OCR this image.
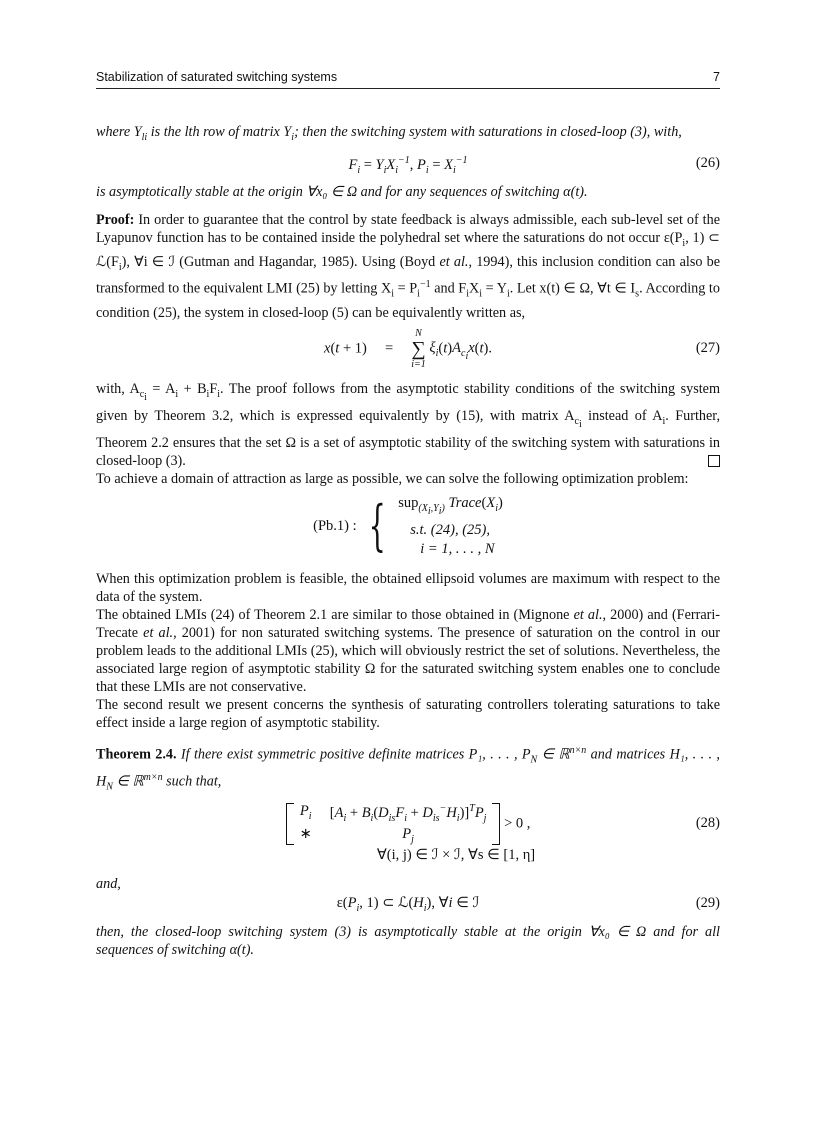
Stabilization of saturated switching systems	7

where $Y_{li}$ is the lth row of matrix $Y_i$; then the switching system with saturations in closed-loop (3), with,

$F_i = Y_iX_i^{-1}$, $P_i = X_i^{-1}$	(26)

is asymptotically stable at the origin ∀x₀ ∈ Ω and for any sequences of switching α(t).

Proof: In order to guarantee that the control by state feedback is always admissible, each sub-level set of the Lyapunov function has to be contained inside the polyhedral set where the saturations do not occur $\varepsilon(P_i$, 1) ⊂ $ℒ(F_i)$, ∀i ∈ ℐ (Gutman and Hagandar, 1985). Using (Boyd et al., 1994), this inclusion condition can also be transformed to the equivalent LMI (25) by letting $X_i = P_i^{-1}$ and $F_iX_i = Y_i$. Let x(t) ∈ Ω, ∀t ∈ $I_s$. According to condition (25), the system in closed-loop (5) can be equivalently written as,

x(t + 1)     =
N
∑
i=1
$\xi_i(t)A_{c_i}x(t)$.	(27)

with, $A_{c_i} = A_i + B_iF_i$. The proof follows from the asymptotic stability conditions of the switching system given by Theorem 3.2, which is expressed equivalently by (15), with matrix $A_{c_i}$ instead of $A_i$. Further, Theorem 2.2 ensures that the set Ω is a set of asymptotic stability of the switching system with saturations in closed-loop (3).

To achieve a domain of attraction as large as possible, we can solve the following optimization problem:

(Pb.1) : { sup$_{(X_i,Y_i)}$ $Trace(X_i)$
s.t. (24), (25),
i = 1, . . . , N

When this optimization problem is feasible, the obtained ellipsoid volumes are maximum with respect to the data of the system.

The obtained LMIs (24) of Theorem 2.1 are similar to those obtained in (Mignone et al., 2000) and (Ferrari-Trecate et al., 2001) for non saturated switching systems. The presence of saturation on the control in our problem leads to the additional LMIs (25), which will obviously restrict the set of solutions. Nevertheless, the associated large region of asymptotic stability Ω for the saturated switching system enables one to conclude that these LMIs are not conservative.

The second result we present concerns the synthesis of saturating controllers tolerating saturations to take effect inside a large region of asymptotic stability.

Theorem 2.4. If there exist symmetric positive definite matrices P₁, . . . , $P_N$ ∈ ℝ$^{n\times n}$ and matrices H₁, . . . , $H_N$ ∈ ℝ$^{m\times n}$ such that,

$P_i$ $[A_i + B_i(D_{is}F_i + D_{is}^-H_i)]^TP_j$
∗	$P_j$
> 0 ,
∀(i, j) ∈ ℐ × ℐ, ∀s ∈ [1, η]
(28)

and,

$\varepsilon(P_i$, 1) ⊂ $ℒ(H_i)$, ∀i ∈ ℐ	(29)

then, the closed-loop switching system (3) is asymptotically stable at the origin ∀x₀ ∈ Ω and for all sequences of switching α(t).
